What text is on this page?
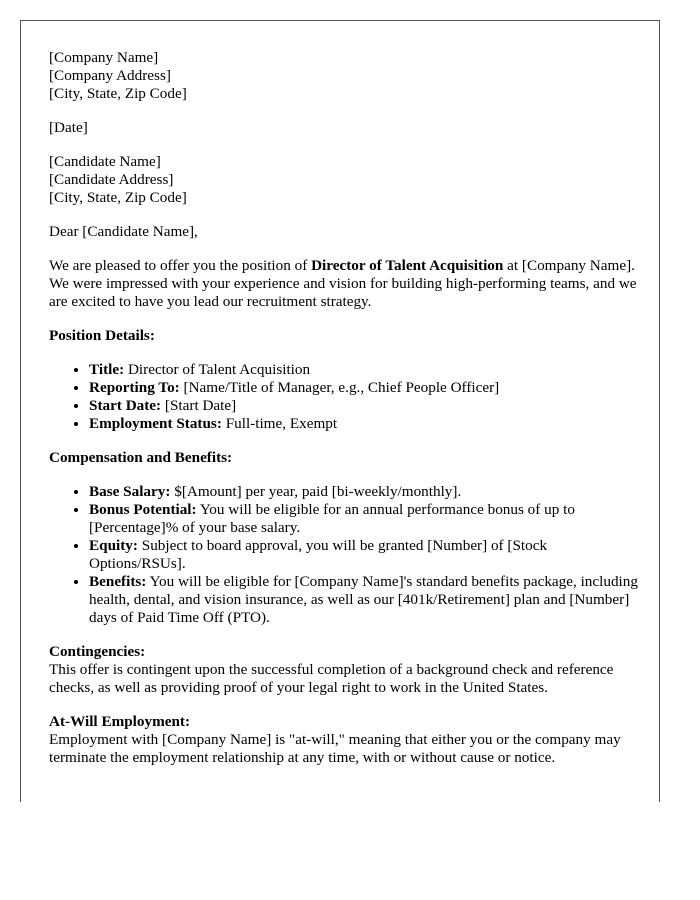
[Company Name]
[Company Address]
[City, State, Zip Code]

[Date]

[Candidate Name]
[Candidate Address]
[City, State, Zip Code]

Dear [Candidate Name],

We are pleased to offer you the position of Director of Talent Acquisition at [Company Name]. We were impressed with your experience and vision for building high-performing teams, and we are excited to have you lead our recruitment strategy.

Position Details:
• Title: Director of Talent Acquisition
• Reporting To: [Name/Title of Manager, e.g., Chief People Officer]
• Start Date: [Start Date]
• Employment Status: Full-time, Exempt
Compensation and Benefits:
• Base Salary: $[Amount] per year, paid [bi-weekly/monthly].
• Bonus Potential: You will be eligible for an annual performance bonus of up to [Percentage]% of your base salary.
• Equity: Subject to board approval, you will be granted [Number] of [Stock Options/RSUs].
• Benefits: You will be eligible for [Company Name]'s standard benefits package, including health, dental, and vision insurance, as well as our [401k/Retirement] plan and [Number] days of Paid Time Off (PTO).
Contingencies:

This offer is contingent upon the successful completion of a background check and reference checks, as well as providing proof of your legal right to work in the United States.

At-Will Employment:

Employment with [Company Name] is "at-will," meaning that either you or the company may terminate the employment relationship at any time, with or without cause or notice.
